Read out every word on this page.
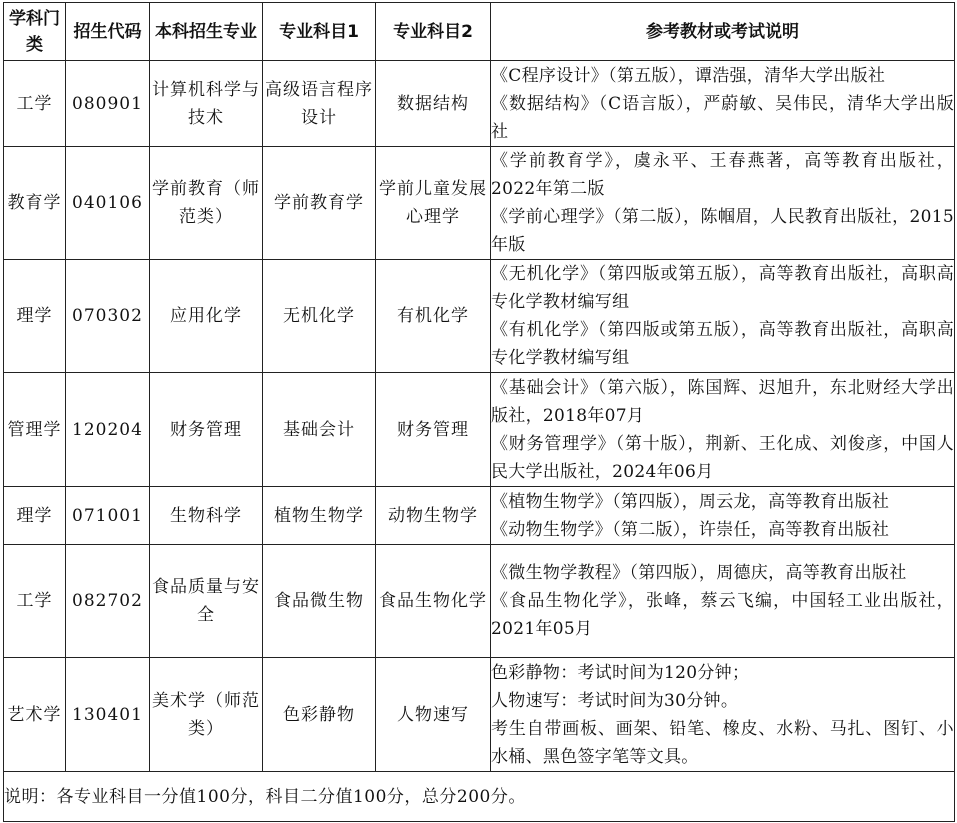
学科门类	招生代码	本科招生专业	专业科目1	专业科目2	参考教材或考试说明
工学	080901	计算机科学与技术	高级语言程序设计	数据结构	《C程序设计》（第五版），谭浩强，清华大学出版社
《数据结构》（C语言版），严蔚敏、吴伟民，清华大学出版社

教育学	040106	学前教育（师范类）	学前教育学	学前儿童发展心理学	《学前教育学》，虞永平、王春燕著，高等教育出版社，2022年第二版
《学前心理学》（第二版），陈帼眉，人民教育出版社，2015年版

理学	070302	应用化学	无机化学	有机化学	《无机化学》（第四版或第五版），高等教育出版社，高职高专化学教材编写组
《有机化学》（第四版或第五版），高等教育出版社，高职高专化学教材编写组

管理学	120204	财务管理	基础会计	财务管理	《基础会计》（第六版），陈国辉、迟旭升，东北财经大学出版社，2018年07月
《财务管理学》（第十版），荆新、王化成、刘俊彦，中国人民大学出版社，2024年06月

理学	071001	生物科学	植物生物学	动物生物学	《植物生物学》（第四版），周云龙，高等教育出版社
《动物生物学》（第二版），许崇任，高等教育出版社

工学	082702	食品质量与安全	食品微生物	食品生物化学	《微生物学教程》（第四版），周德庆，高等教育出版社
《食品生物化学》，张峰，蔡云飞编，中国轻工业出版社，2021年05月

艺术学	130401	美术学（师范类）	色彩静物	人物速写	色彩静物：考试时间为120分钟；
人物速写：考试时间为30分钟。
考生自带画板、画架、铅笔、橡皮、水粉、马扎、图钉、小水桶、黑色签字笔等文具。

说明：各专业科目一分值100分，科目二分值100分，总分200分。					
